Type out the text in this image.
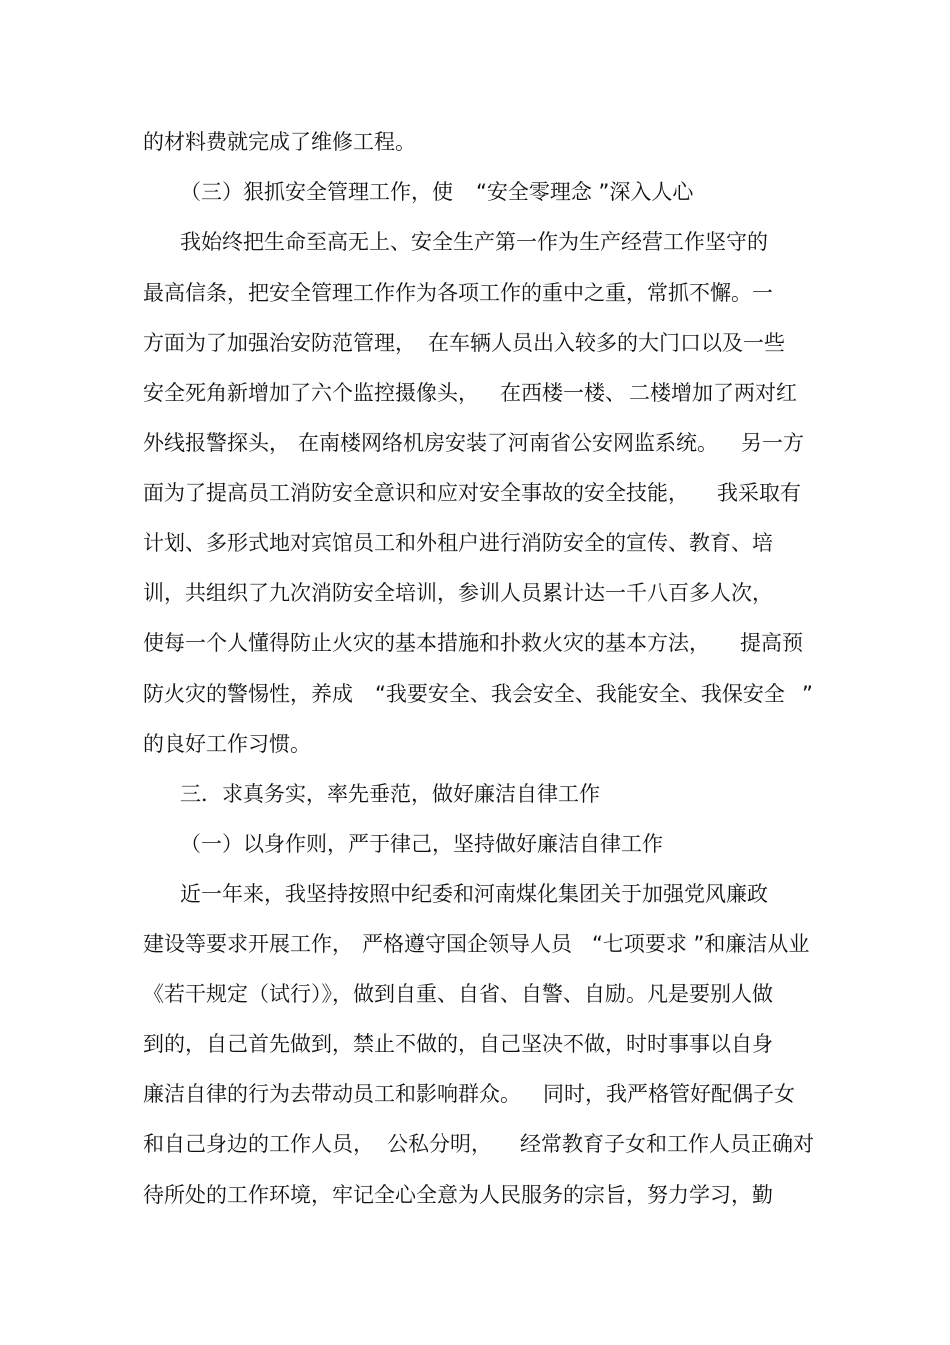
的材料费就完成了维修工程。
（三）狠抓安全管理工作，使 “安全零理念 ”深入人心
我始终把生命至高无上、安全生产第一作为生产经营工作坚守的
最高信条，把安全管理工作作为各项工作的重中之重，常抓不懈。一
方面为了加强治安防范管理， 在车辆人员出入较多的大门口以及一些
安全死角新增加了六个监控摄像头， 在西楼一楼、 二楼增加了两对红
外线报警探头， 在南楼网络机房安装了河南省公安网监系统。 另一方
面为了提高员工消防安全意识和应对安全事故的安全技能， 我采取有
计划、多形式地对宾馆员工和外租户进行消防安全的宣传、教育、培
训，共组织了九次消防安全培训，参训人员累计达一千八百多人次，
使每一个人懂得防止火灾的基本措施和扑救火灾的基本方法， 提高预
防火灾的警惕性，养成 “我要安全、我会安全、我能安全、我保安全 ”
的良好工作习惯。
三．求真务实，率先垂范，做好廉洁自律工作
（一）以身作则，严于律己，坚持做好廉洁自律工作
近一年来，我坚持按照中纪委和河南煤化集团关于加强党风廉政
建设等要求开展工作， 严格遵守国企领导人员 “七项要求 ”和廉洁从业
《若干规定（试行）》，做到自重、自省、自警、自励。凡是要别人做
到的，自己首先做到，禁止不做的，自己坚决不做，时时事事以自身
廉洁自律的行为去带动员工和影响群众。 同时，我严格管好配偶子女
和自己身边的工作人员， 公私分明， 经常教育子女和工作人员正确对
待所处的工作环境，牢记全心全意为人民服务的宗旨，努力学习，勤
